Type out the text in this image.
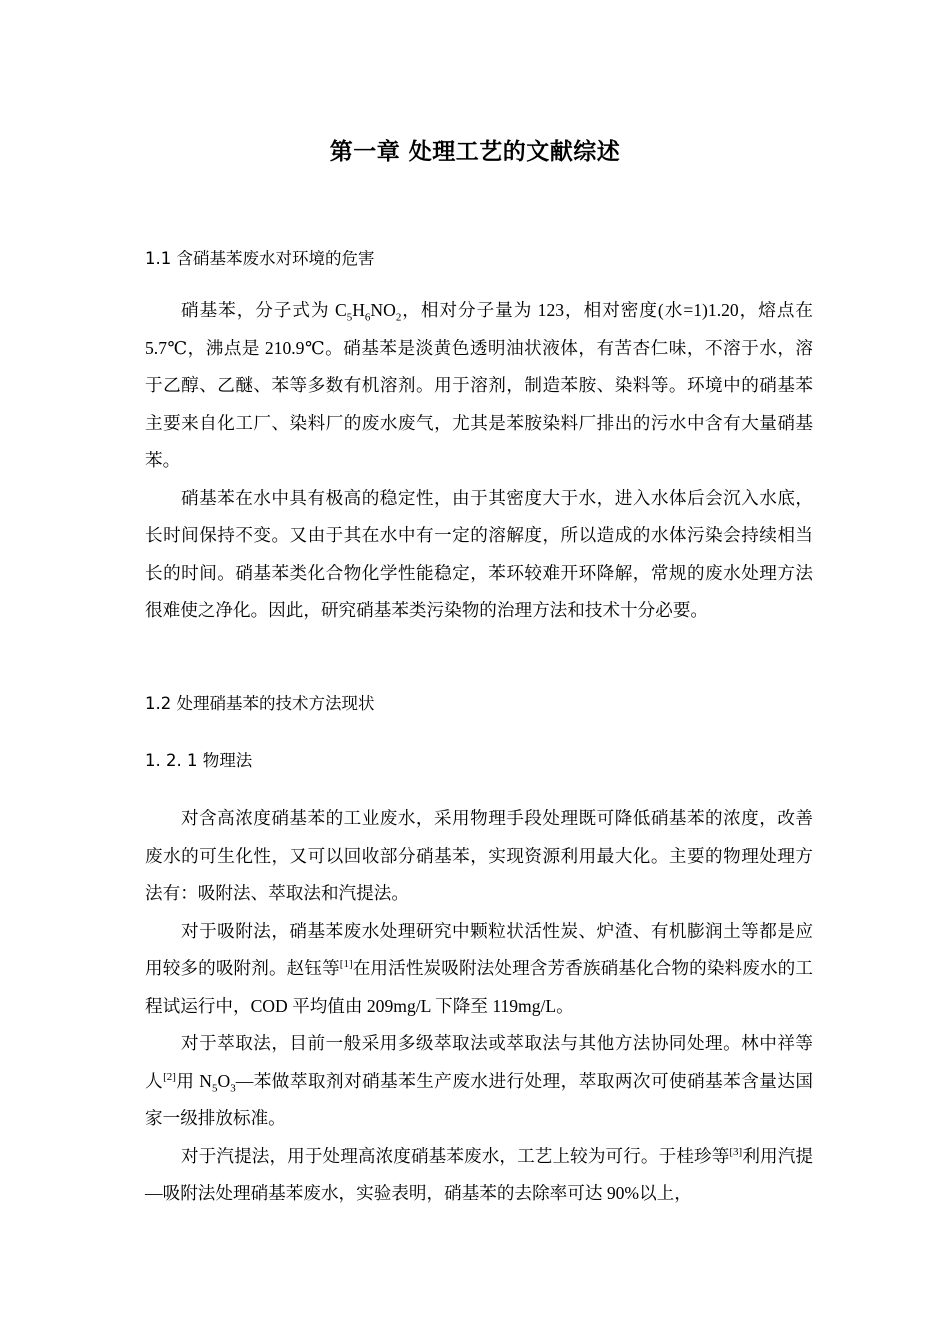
第一章 处理工艺的文献综述
1.1 含硝基苯废水对环境的危害

硝基苯，分子式为 $C_5H_6NO_2$，相对分子量为 123，相对密度(水=1)1.20，熔点在 5.7℃，沸点是 210.9℃。硝基苯是淡黄色透明油状液体，有苦杏仁味，不溶于水，溶于乙醇、乙醚、苯等多数有机溶剂。用于溶剂，制造苯胺、染料等。环境中的硝基苯主要来自化工厂、染料厂的废水废气，尤其是苯胺染料厂排出的污水中含有大量硝基苯。

硝基苯在水中具有极高的稳定性，由于其密度大于水，进入水体后会沉入水底，长时间保持不变。又由于其在水中有一定的溶解度，所以造成的水体污染会持续相当长的时间。硝基苯类化合物化学性能稳定，苯环较难开环降解，常规的废水处理方法很难使之净化。因此，研究硝基苯类污染物的治理方法和技术十分必要。

1.2 处理硝基苯的技术方法现状
1. 2. 1 物理法

对含高浓度硝基苯的工业废水，采用物理手段处理既可降低硝基苯的浓度，改善废水的可生化性，又可以回收部分硝基苯，实现资源利用最大化。主要的物理处理方法有：吸附法、萃取法和汽提法。

对于吸附法，硝基苯废水处理研究中颗粒状活性炭、炉渣、有机膨润土等都是应用较多的吸附剂。赵钰等[1]在用活性炭吸附法处理含芳香族硝基化合物的染料废水的工程试运行中，COD 平均值由 209mg/L 下降至 119mg/L。

对于萃取法，目前一般采用多级萃取法或萃取法与其他方法协同处理。林中祥等人[2]用 $N_5O_3—$苯做萃取剂对硝基苯生产废水进行处理，萃取两次可使硝基苯含量达国家一级排放标准。

对于汽提法，用于处理高浓度硝基苯废水，工艺上较为可行。于桂珍等[3]利用汽提—吸附法处理硝基苯废水，实验表明，硝基苯的去除率可达 90%以上，
